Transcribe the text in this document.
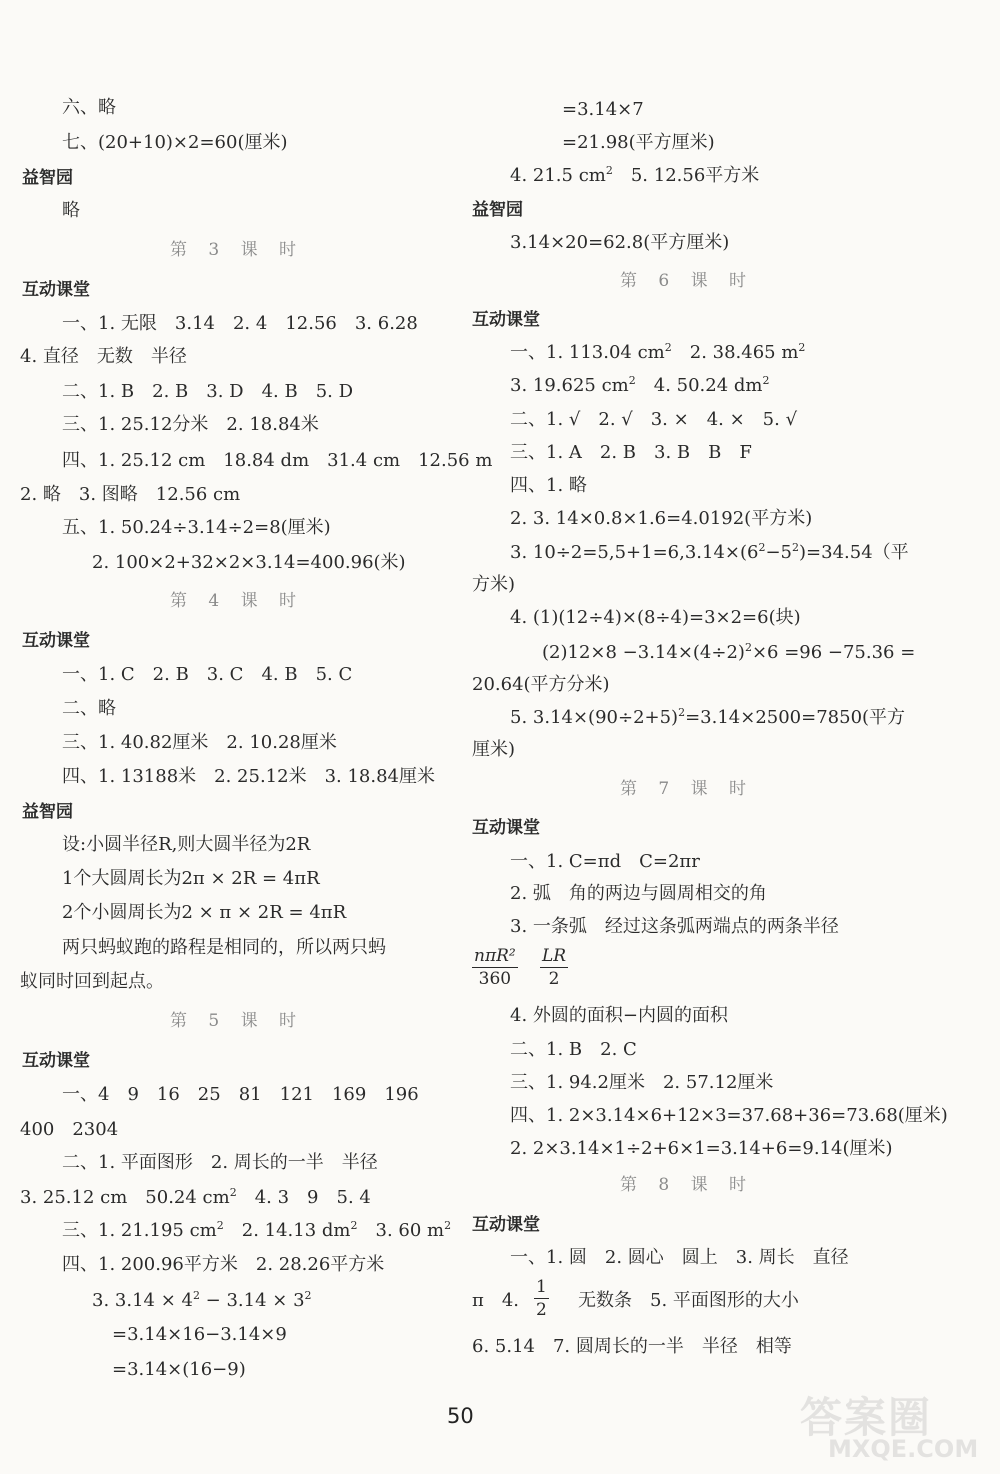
六、略
七、(20+10)×2=60(厘米)
益智园
略
第 3 课 时
互动课堂
一、1. 无限　3.14　2. 4　12.56　3. 6.28
4. 直径　无数　半径
二、1. B　2. B　3. D　4. B　5. D
三、1. 25.12分米　2. 18.84米
四、1. 25.12 cm　18.84 dm　31.4 cm　12.56 m
2. 略　3. 图略　12.56 cm
五、1. 50.24÷3.14÷2=8(厘米)
2. 100×2+32×2×3.14=400.96(米)
第 4 课 时
互动课堂
一、1. C　2. B　3. C　4. B　5. C
二、略
三、1. 40.82厘米　2. 10.28厘米
四、1. 13188米　2. 25.12米　3. 18.84厘米
益智园
设:小圆半径R,则大圆半径为2R
1个大圆周长为2π × 2R = 4πR
2个小圆周长为2 × π × 2R = 4πR
两只蚂蚁跑的路程是相同的，所以两只蚂
蚁同时回到起点。
第 5 课 时
互动课堂
一、4　9　16　25　81　121　169　196
400　2304
二、1. 平面图形　2. 周长的一半　半径
3. 25.12 cm　50.24 $cm^2$　4. 3　9　5. 4
三、1. 21.195 $cm^2$　2. 14.13 $dm^2$　3. 60 $m^2$
四、1. 200.96平方米　2. 28.26平方米
3. $3.14 \times 4^2 - 3.14 \times 3^2$
=3.14×16−3.14×9
=3.14×(16−9)
=3.14×7
=21.98(平方厘米)
4. 21.5 $cm^2$　5. 12.56平方米
益智园
3.14×20=62.8(平方厘米)
第 6 课 时
互动课堂
一、1. 113.04 $cm^2$　2. 38.465 $m^2$
3. 19.625 $cm^2$　4. 50.24 $dm^2$
二、1. √　2. √　3. ×　4. ×　5. √
三、1. A　2. B　3. B　B　F
四、1. 略
2. 3. 14×0.8×1.6=4.0192(平方米)
3. $10\div 2=5,5+1=6,3.14\times(6^2-5^2)=34.54$（平
方米)
4. (1)(12÷4)×(8÷4)=3×2=6(块)
$(2)12\times 8 -3.14\times(4\div 2)^2\times 6 =96 -75.36$ =
20.64(平方分米)
5. $3.14\times(90\div 2+5)^2=3.14\times 2500=7850$(平方
厘米)
第 7 课 时
互动课堂
一、1. C=πd　C=2πr
2. 弧　角的两边与圆周相交的角
3. 一条弧　经过这条弧两端点的两条半径
nπR²
360	$\frac{LR}{2}$
4. 外圆的面积−内圆的面积
二、1. B　2. C
三、1. 94.2厘米　2. 57.12厘米
四、1. 2×3.14×6+12×3=37.68+36=73.68(厘米)
2. 2×3.14×1÷2+6×1=3.14+6=9.14(厘米)
第 8 课 时
互动课堂
一、1. 圆　2. 圆心　圆上　3. 周长　直径
π　4. $\frac{1}{2}$ 无数条　5. 平面图形的大小
6. 5.14　7. 圆周长的一半　半径　相等
50	答案圈
MXQE.COM
